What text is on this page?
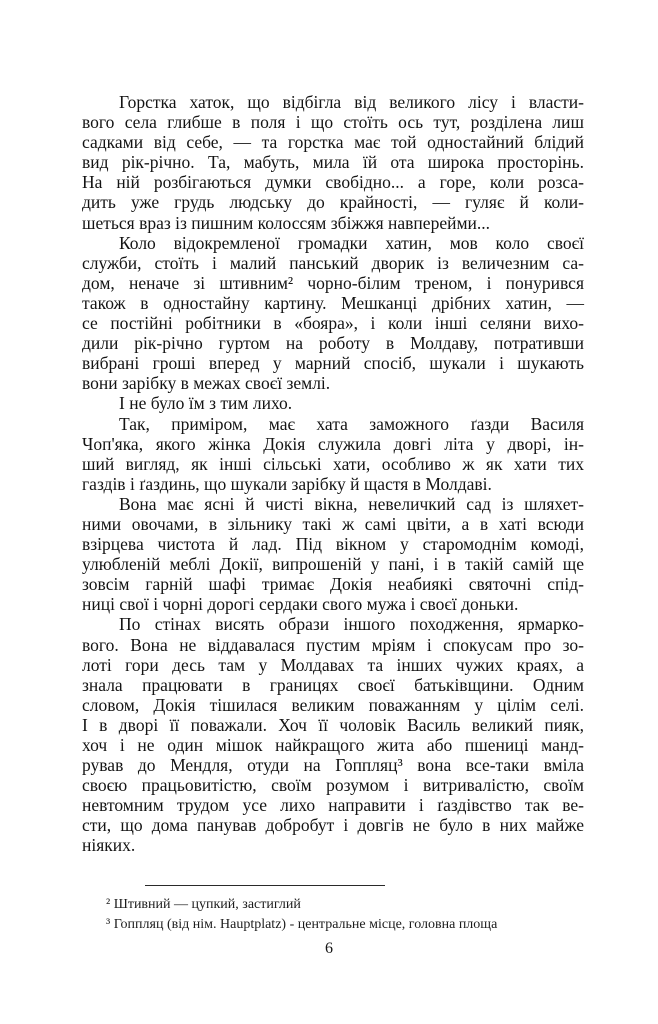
Горстка хаток, що відбігла від великого лісу і власти-
вого села глибше в поля і що стоїть ось тут, розділена лиш
садками від себе, — та горстка має той одностайний блідий
вид рік-річно. Та, мабуть, мила їй ота широка просторінь.
На ній розбігаються думки свобідно... а горе, коли розса-
дить уже грудь людську до крайності, — гуляє й коли-
шеться враз із пишним колоссям збіжжя навперейми...
Коло відокремленої громадки хатин, мов коло своєї
служби, стоїть і малий панський дворик із величезним са-
дом, неначе зі штивним² чорно-білим треном, і понурився
також в одностайну картину. Мешканці дрібних хатин, —
се постійні робітники в «бояра», і коли інші селяни вихо-
дили рік-річно гуртом на роботу в Молдаву, потративши
вибрані гроші вперед у марний спосіб, шукали і шукають
вони зарібку в межах своєї землі.
І не було їм з тим лихо.
Так, приміром, має хата заможного ґазди Василя
Чоп'яка, якого жінка Докія служила довгі літа у дворі, ін-
ший вигляд, як інші сільські хати, особливо ж як хати тих
газдів і ґаздинь, що шукали зарібку й щастя в Молдаві.
Вона має ясні й чисті вікна, невеличкий сад із шляхет-
ними овочами, в зільнику такі ж самі цвіти, а в хаті всюди
взірцева чистота й лад. Під вікном у старомоднім комоді,
улюбленій меблі Докії, випрошеній у пані, і в такій самій ще
зовсім гарній шафі тримає Докія неабиякі святочні спід-
ниці свої і чорні дорогі сердаки свого мужа і своєї доньки.
По стінах висять образи іншого походження, ярмарко-
вого. Вона не віддавалася пустим мріям і спокусам про зо-
лоті гори десь там у Молдавах та інших чужих краях, а
знала працювати в границях своєї батьківщини. Одним
словом, Докія тішилася великим поважанням у цілім селі.
І в дворі її поважали. Хоч її чоловік Василь великий пияк,
хоч і не один мішок найкращого жита або пшениці манд-
рував до Мендля, отуди на Гоппляц³ вона все-таки вміла
своєю працьовитістю, своїм розумом і витривалістю, своїм
невтомним трудом усе лихо направити і ґаздівство так ве-
сти, що дома панував добробут і довгів не було в них майже
ніяких.
² Штивний — цупкий, застиглий
³ Гоппляц (від нім. Hauptplatz) - центральне місце, головна площа
6
